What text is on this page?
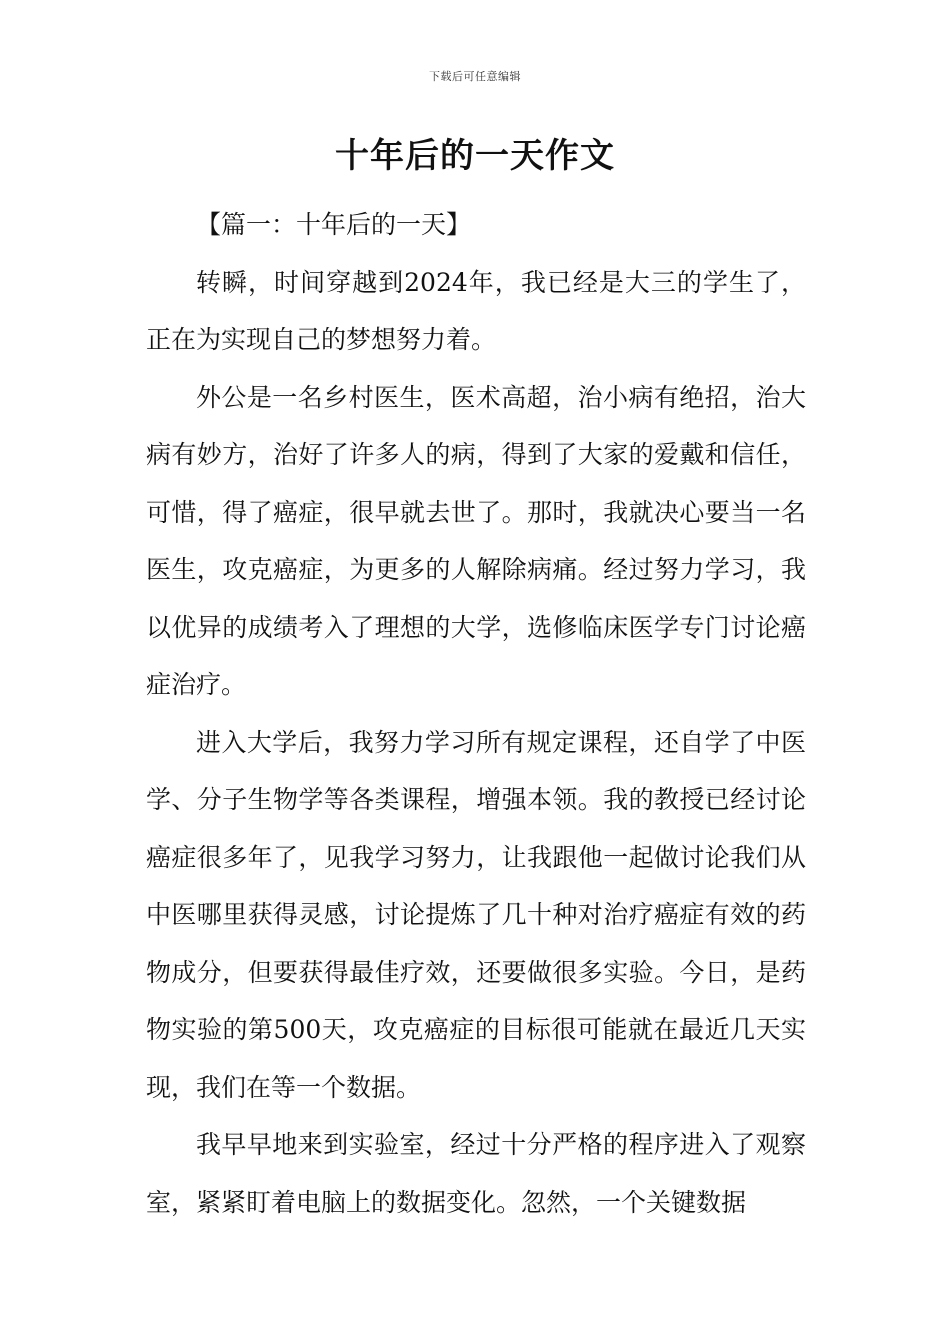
下载后可任意编辑
十年后的一天作文

【篇一：十年后的一天】

转瞬，时间穿越到2024年，我已经是大三的学生了，正在为实现自己的梦想努力着。

外公是一名乡村医生，医术高超，治小病有绝招，治大病有妙方，治好了许多人的病，得到了大家的爱戴和信任，可惜，得了癌症，很早就去世了。那时，我就决心要当一名医生，攻克癌症，为更多的人解除病痛。经过努力学习，我以优异的成绩考入了理想的大学，选修临床医学专门讨论癌症治疗。

进入大学后，我努力学习所有规定课程，还自学了中医学、分子生物学等各类课程，增强本领。我的教授已经讨论癌症很多年了，见我学习努力，让我跟他一起做讨论我们从中医哪里获得灵感，讨论提炼了几十种对治疗癌症有效的药物成分，但要获得最佳疗效，还要做很多实验。今日，是药物实验的第500天，攻克癌症的目标很可能就在最近几天实现，我们在等一个数据。

我早早地来到实验室，经过十分严格的程序进入了观察室，紧紧盯着电脑上的数据变化。忽然，一个关键数据
